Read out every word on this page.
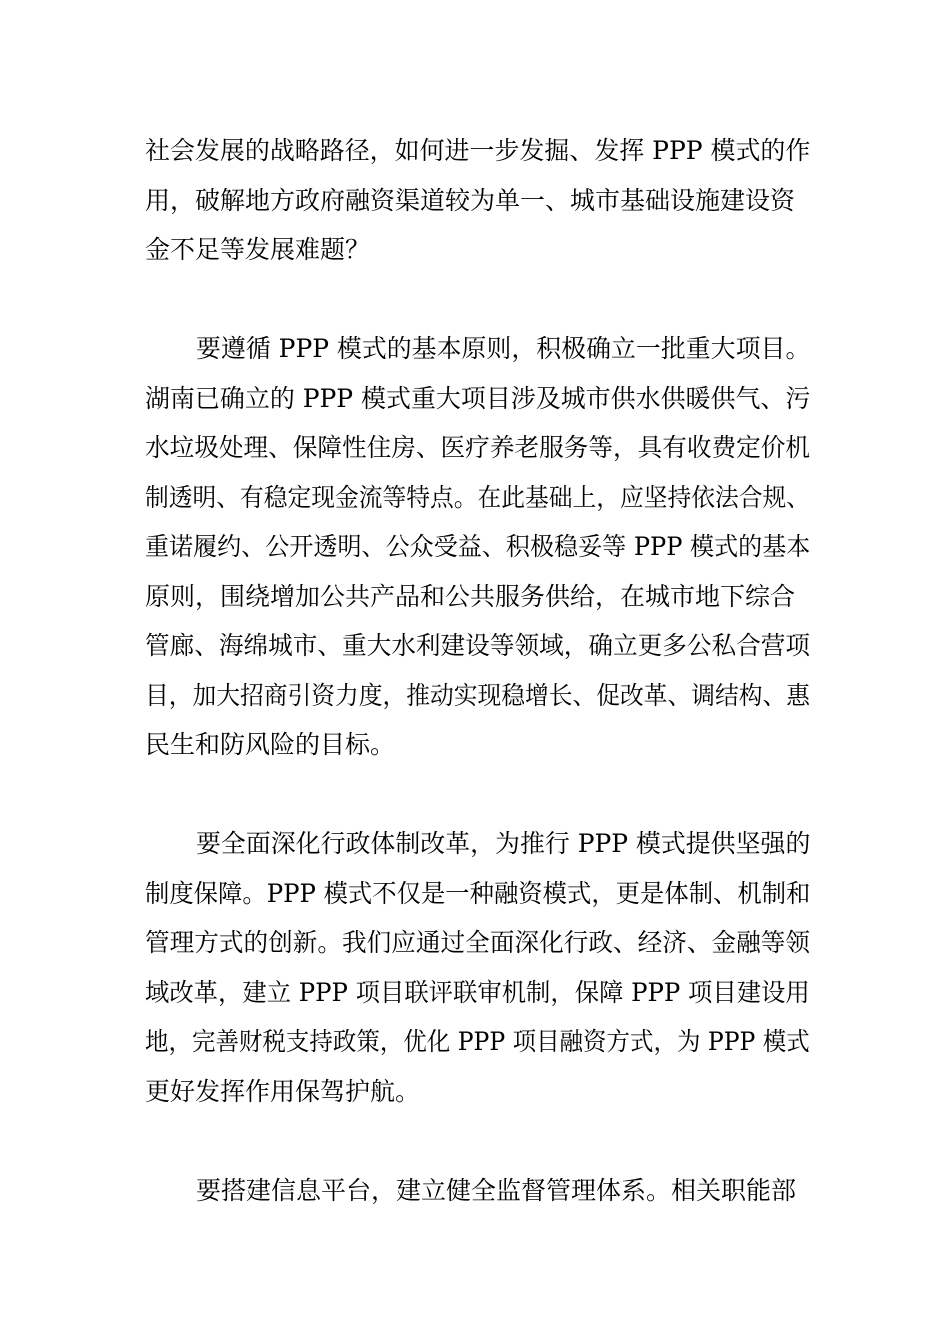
社会发展的战略路径，如何进一步发掘、发挥 PPP 模式的作
用，破解地方政府融资渠道较为单一、城市基础设施建设资
金不足等发展难题？
要遵循 PPP 模式的基本原则，积极确立一批重大项目。
湖南已确立的 PPP 模式重大项目涉及城市供水供暖供气、污
水垃圾处理、保障性住房、医疗养老服务等，具有收费定价机
制透明、有稳定现金流等特点。在此基础上，应坚持依法合规、
重诺履约、公开透明、公众受益、积极稳妥等 PPP 模式的基本
原则，围绕增加公共产品和公共服务供给，在城市地下综合
管廊、海绵城市、重大水利建设等领域，确立更多公私合营项
目，加大招商引资力度，推动实现稳增长、促改革、调结构、惠
民生和防风险的目标。
要全面深化行政体制改革，为推行 PPP 模式提供坚强的
制度保障。PPP 模式不仅是一种融资模式，更是体制、机制和
管理方式的创新。我们应通过全面深化行政、经济、金融等领
域改革，建立 PPP 项目联评联审机制，保障 PPP 项目建设用
地，完善财税支持政策，优化 PPP 项目融资方式，为 PPP 模式
更好发挥作用保驾护航。
要搭建信息平台，建立健全监督管理体系。相关职能部
